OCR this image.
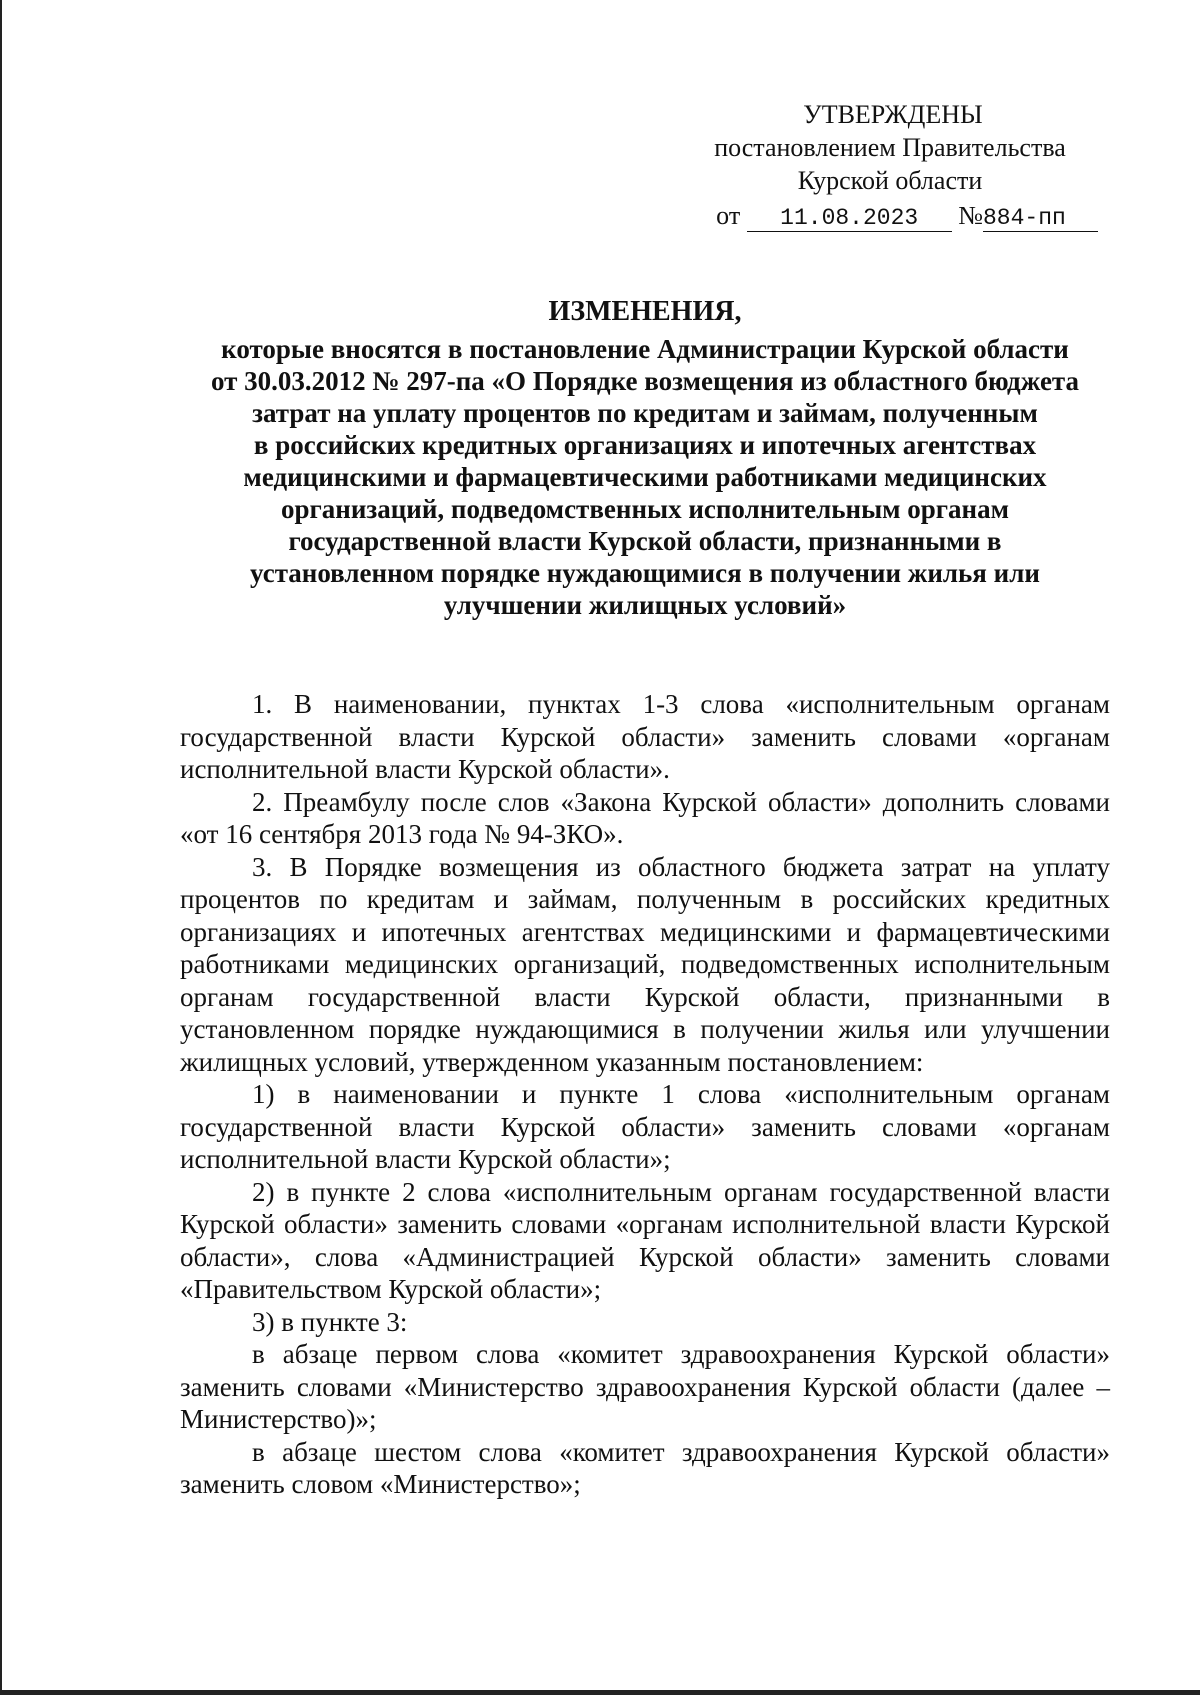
УТВЕРЖДЕНЫ
постановлением Правительства
Курской области
от 11.08.2023 №884-пп
ИЗМЕНЕНИЯ,
которые вносятся в постановление Администрации Курской области
от 30.03.2012 № 297-па «О Порядке возмещения из областного бюджета
затрат на уплату процентов по кредитам и займам, полученным
в российских кредитных организациях и ипотечных агентствах
медицинскими и фармацевтическими работниками медицинских
организаций, подведомственных исполнительным органам
государственной власти Курской области, признанными в
установленном порядке нуждающимися в получении жилья или
улучшении жилищных условий»

1. В наименовании, пунктах 1-3 слова «исполнительным органам государственной власти Курской области» заменить словами «органам исполнительной власти Курской области».

2. Преамбулу после слов «Закона Курской области» дополнить словами «от 16 сентября 2013 года № 94-ЗКО».

3. В Порядке возмещения из областного бюджета затрат на уплату процентов по кредитам и займам, полученным в российских кредитных организациях и ипотечных агентствах медицинскими и фармацевтическими работниками медицинских организаций, подведомственных исполнительным органам государственной власти Курской области, признанными в установленном порядке нуждающимися в получении жилья или улучшении жилищных условий, утвержденном указанным постановлением:

1) в наименовании и пункте 1 слова «исполнительным органам государственной власти Курской области» заменить словами «органам исполнительной власти Курской области»;

2) в пункте 2 слова «исполнительным органам государственной власти Курской области» заменить словами «органам исполнительной власти Курской области», слова «Администрацией Курской области» заменить словами «Правительством Курской области»;

3) в пункте 3:

в абзаце первом слова «комитет здравоохранения Курской области» заменить словами «Министерство здравоохранения Курской области (далее – Министерство)»;

в абзаце шестом слова «комитет здравоохранения Курской области» заменить словом «Министерство»;
